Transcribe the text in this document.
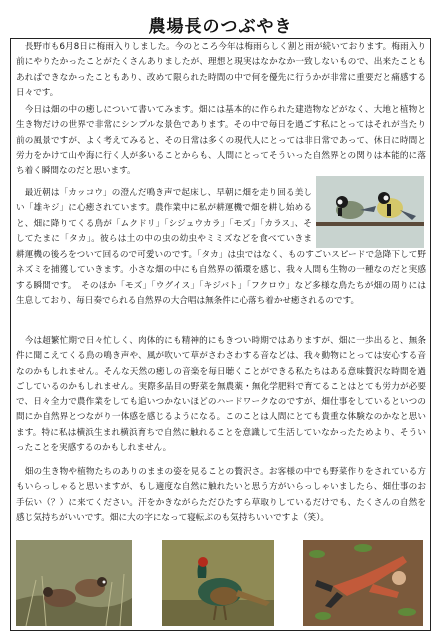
農場長のつぶやき

　長野市も6月8日に梅雨入りしました。今のところ今年は梅雨らしく割と雨が続いております。梅雨入り前にやりたかったことがたくさんありましたが、理想と現実はなかなか一致しないもので、出来たこともあればできなかったこともあり、改めて限られた時間の中で何を優先に行うかが非常に重要だと痛感する日々です。

　今日は畑の中の癒しについて書いてみます。畑には基本的に作られた建造物などがなく、大地と植物と生き物だけの世界で非常にシンプルな景色であります。その中で毎日を過ごす私にとってはそれが当たり前の風景ですが、よく考えてみると、その日常は多くの現代人にとっては非日常であって、休日に時間と労力をかけて山や海に行く人が多いることからも、人間にとってそういった自然界との関りは本能的に落ち着く瞬間なのだと思います。

　最近朝は「カッコウ」の澄んだ鳴き声で起床し、早朝に畑を走り回る美しい「雄キジ」に心癒されています。農作業中に私が耕運機で畑を耕し始めると、畑に降りてくる鳥が「ムクドリ」「シジュウカラ」「モズ」「カラス」、そしてたまに「タカ」。彼らは土の中の虫の幼虫やミミズなどを食べていきま

耕運機の後ろをついて回るので可愛いのです。「タカ」は虫ではなく、ものすごいスピードで急降下して野ネズミを捕獲していきます。小さな畑の中にも自然界の循環を感じ、我々人間も生物の一種なのだと実感する瞬間です。　そのほか「モズ」「ウグイス」「キジバト」「フクロウ」など多様な鳥たちが畑の周りには生息しており、毎日奏でられる自然界の大合唱は無条件に心落ち着かせ癒されるのです。

　今は超繁忙期で日々忙しく、肉体的にも精神的にもきつい時期ではありますが、畑に一歩出ると、無条件に聞こえてくる鳥の鳴き声や、風が吹いて草がさわさわする音などは、我々動物にとっては安心する音なのかもしれません。そんな天然の癒しの音楽を毎日聴くことができる私たちはある意味贅沢な時間を過ごしているのかもしれません。実際多品目の野菜を無農薬・無化学肥料で育てることはとても労力が必要で、日々全力で農作業をしても追いつかないほどのハードワークなのですが、畑仕事をしているといつの間にか自然界とつながり一体感を感じるようになる。このことは人間にとても貴重な体験なのかなと思います。特に私は横浜生まれ横浜育ちで自然に触れることを意識して生活していなかったためより、そういったことを実感するのかもしれません。

　畑の生き物や植物たちのありのままの姿を見ることの贅沢さ。お客様の中でも野菜作りをされている方もいらっしゃると思いますが、もし適度な自然に触れたいと思う方がいらっしゃいましたら、畑仕事のお手伝い（？）に来てください。汗をかきながらただひたすら草取りしているだけでも、たくさんの自然を感じ気持ちがいいです。畑に大の字になって寝転ぶのも気持ちいいですよ（笑）。
